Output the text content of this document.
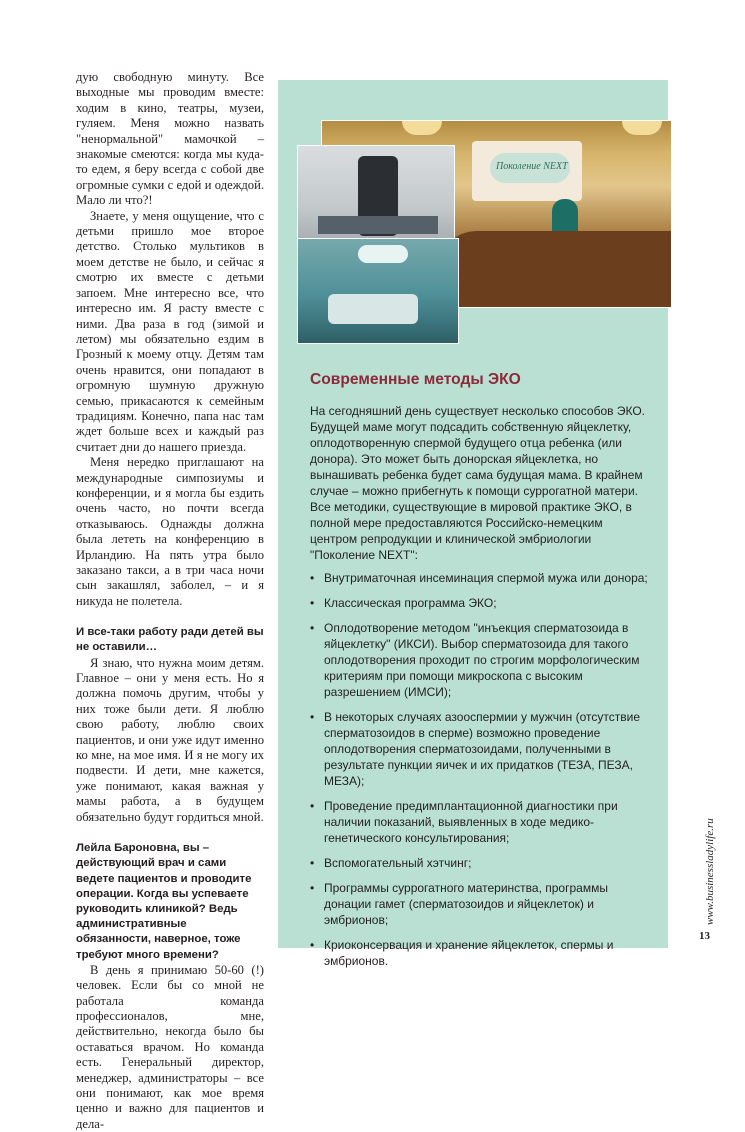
дую свободную минуту. Все выходные мы проводим вместе: ходим в кино, театры, музеи, гуляем. Меня можно назвать "ненормальной" мамочкой – знакомые смеются: когда мы куда-то едем, я беру всегда с собой две огромные сумки с едой и одеждой. Мало ли что?!

Знаете, у меня ощущение, что с детьми пришло мое второе детство. Столько мультиков в моем детстве не было, и сейчас я смотрю их вместе с детьми запоем. Мне интересно все, что интересно им. Я расту вместе с ними. Два раза в год (зимой и летом) мы обязательно ездим в Грозный к моему отцу. Детям там очень нравится, они попадают в огромную шумную дружную семью, прикасаются к семейным традициям. Конечно, папа нас там ждет больше всех и каждый раз считает дни до нашего приезда.

Меня нередко приглашают на международные симпозиумы и конференции, и я могла бы ездить очень часто, но почти всегда отказываюсь. Однажды должна была лететь на конференцию в Ирландию. На пять утра было заказано такси, а в три часа ночи сын закашлял, заболел, – и я никуда не полетела.

И все-таки работу ради детей вы не оставили…

Я знаю, что нужна моим детям. Главное – они у меня есть. Но я должна помочь другим, чтобы у них тоже были дети. Я люблю свою работу, люблю своих пациентов, и они уже идут именно ко мне, на мое имя. И я не могу их подвести. И дети, мне кажется, уже понимают, какая важная у мамы работа, а в будущем обязательно будут гордиться мной.

Лейла Бароновна, вы – действующий врач и сами ведете пациентов и проводите операции. Когда вы успеваете руководить клиникой? Ведь административные обязанности, наверное, тоже требуют много времени?

В день я принимаю 50-60 (!) человек. Если бы со мной не работала команда профессионалов, мне, действительно, некогда было бы оставаться врачом. Но команда есть. Генеральный директор, менеджер, администраторы – все они понимают, как мое время ценно и важно для пациентов и дела-

Поколение NEXT
Современные методы ЭКО

На сегодняшний день существует несколько способов ЭКО. Будущей маме могут подсадить собственную яйцеклетку, оплодотворенную спермой будущего отца ребенка (или донора). Это может быть донорская яйцеклетка, но вынашивать ребенка будет сама будущая мама. В крайнем случае – можно прибегнуть к помощи суррогатной матери.

Все методики, существующие в мировой практике ЭКО, в полной мере предоставляются Российско-немецким центром репродукции и клинической эмбриологии "Поколение NEXT":

• Внутриматочная инсеминация спермой мужа или донора;
• Классическая программа ЭКО;
• Оплодотворение методом "инъекция сперматозоида в яйцеклетку" (ИКСИ). Выбор сперматозоида для такого оплодотворения проходит по строгим морфологическим критериям при помощи микроскопа с высоким разрешением (ИМСИ);
• В некоторых случаях азооспермии у мужчин (отсутствие сперматозоидов в сперме) возможно проведение оплодотворения сперматозоидами, полученными в результате пункции яичек и их придатков (ТЕЗА, ПЕЗА, МЕЗА);
• Проведение предимплантационной диагностики при наличии показаний, выявленных в ходе медико-генетического консультирования;
• Вспомогательный хэтчинг;
• Программы суррогатного материнства, программы донации гамет (сперматозоидов и яйцеклеток) и эмбрионов;
• Криоконсервация и хранение яйцеклеток, спермы и эмбрионов.
www.businessladylife.ru
13
